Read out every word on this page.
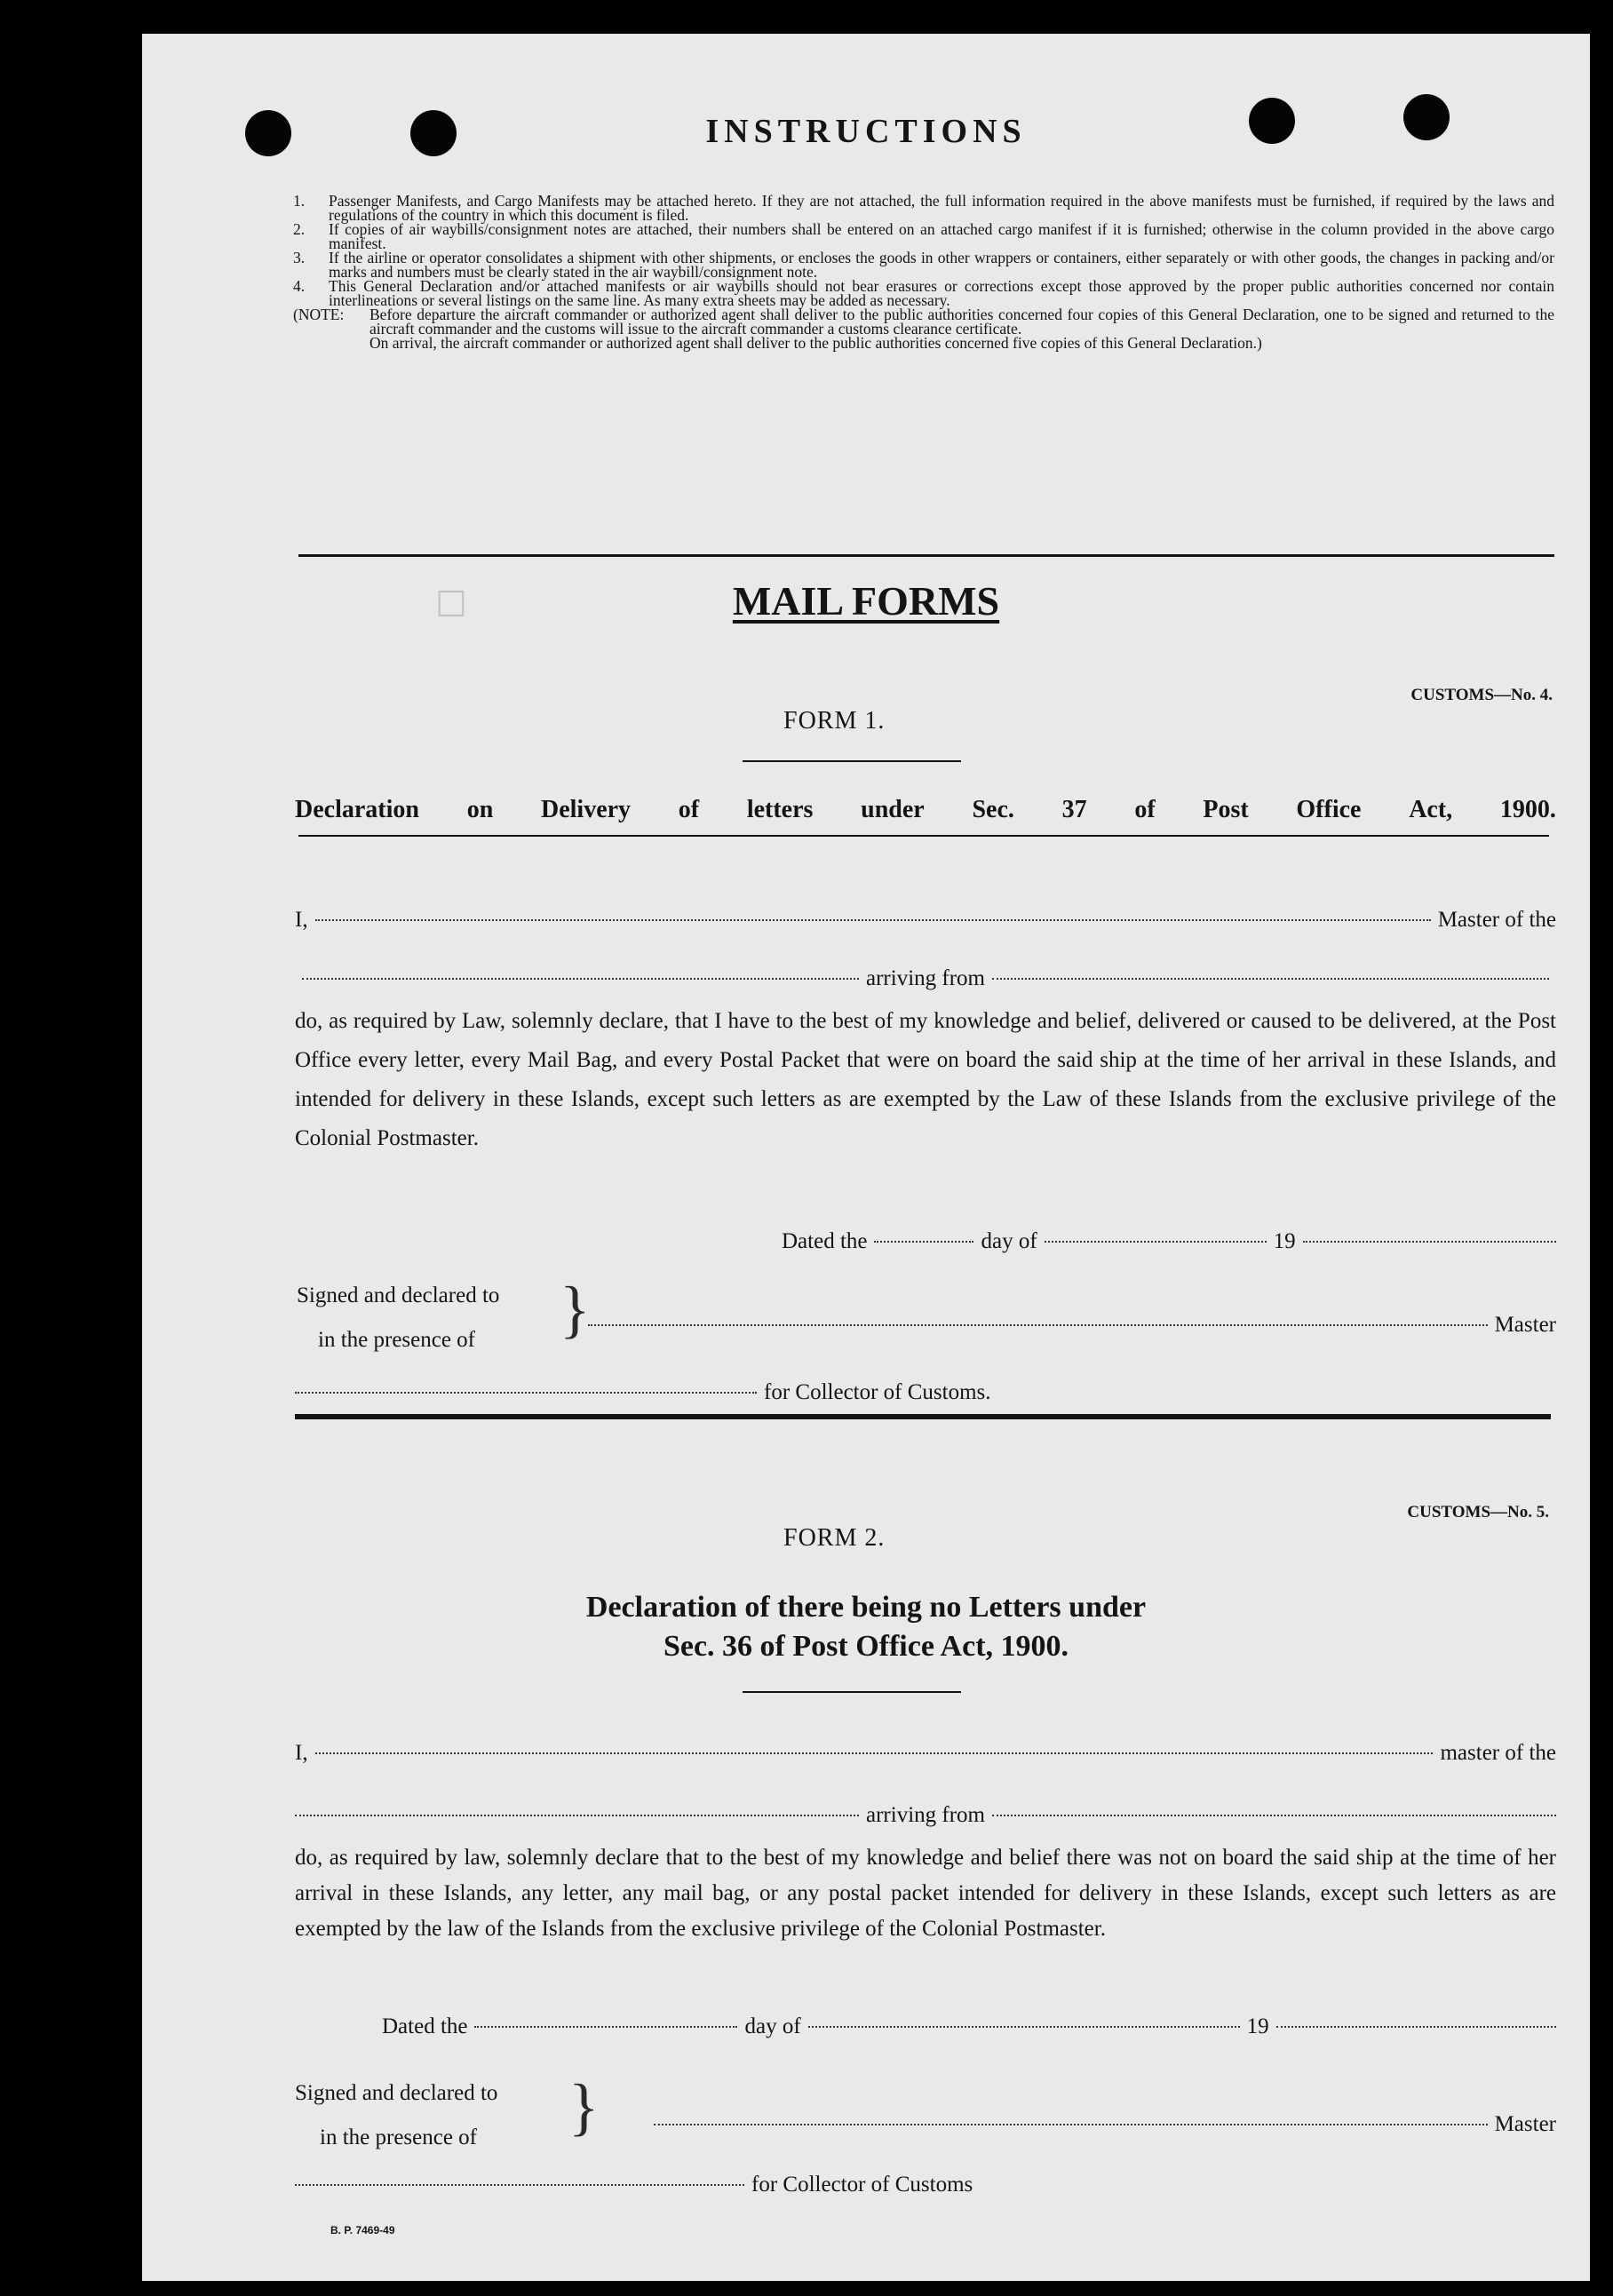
☐
INSTRUCTIONS
1. Passenger Manifests, and Cargo Manifests may be attached hereto. If they are not attached, the full information required in the above manifests must be furnished, if required by the laws and regulations of the country in which this document is filed.
2. If copies of air waybills/consignment notes are attached, their numbers shall be entered on an attached cargo manifest if it is furnished; otherwise in the column provided in the above cargo manifest.
3. If the airline or operator consolidates a shipment with other shipments, or encloses the goods in other wrappers or containers, either separately or with other goods, the changes in packing and/or marks and numbers must be clearly stated in the air waybill/consignment note.
4. This General Declaration and/or attached manifests or air waybills should not bear erasures or corrections except those approved by the proper public authorities concerned nor contain interlineations or several listings on the same line. As many extra sheets may be added as necessary.
(NOTE:	Before departure the aircraft commander or authorized agent shall deliver to the public authorities concerned four copies of this General Declaration, one to be signed and returned to the aircraft commander and the customs will issue to the aircraft commander a customs clearance certificate.
On arrival, the aircraft commander or authorized agent shall deliver to the public authorities concerned five copies of this General Declaration.)
MAIL FORMS
CUSTOMS—No. 4.
FORM 1.
Declaration on Delivery of letters under Sec. 37 of Post Office Act, 1900.
I,	Master of the
arriving from
do, as required by Law, solemnly declare, that I have to the best of my knowledge and belief, delivered or caused to be delivered, at the Post Office every letter, every Mail Bag, and every Postal Packet that were on board the said ship at the time of her arrival in these Islands, and intended for delivery in these Islands, except such letters as are exempted by the Law of these Islands from the exclusive privilege of the Colonial Postmaster.
Dated the	day of	19
Signed and declared to
in the presence of	}	Master
for Collector of Customs.
CUSTOMS—No. 5.
FORM 2.
Declaration of there being no Letters under
Sec. 36 of Post Office Act, 1900.
I,	master of the
arriving from
do, as required by law, solemnly declare that to the best of my knowledge and belief there was not on board the said ship at the time of her arrival in these Islands, any letter, any mail bag, or any postal packet intended for delivery in these Islands, except such letters as are exempted by the law of the Islands from the exclusive privilege of the Colonial Postmaster.
Dated the	day of	19
Signed and declared to
in the presence of	}	Master
for Collector of Customs
B. P. 7469-49
